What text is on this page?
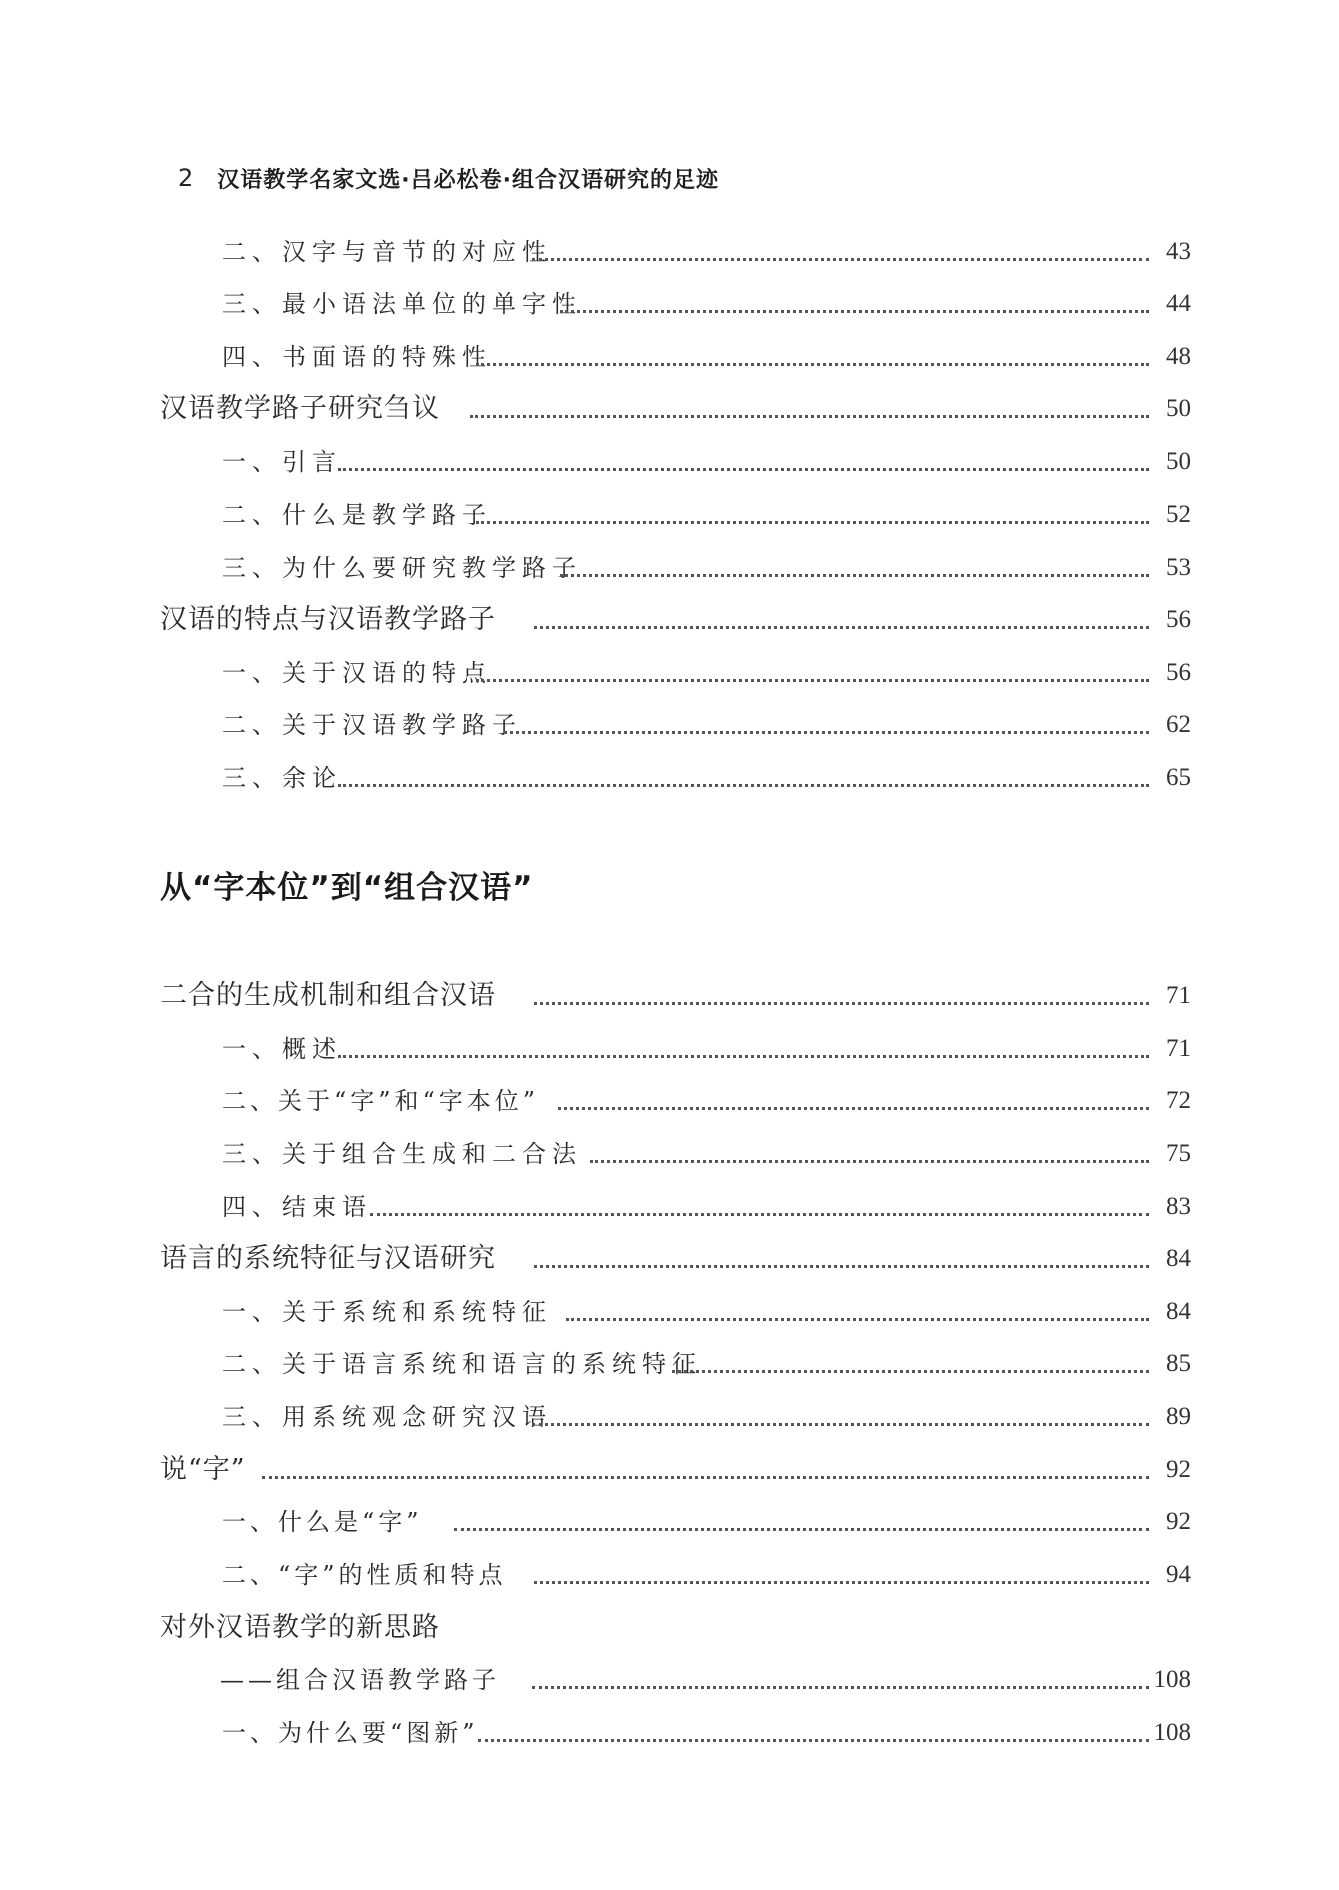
2 汉语教学名家文选·吕必松卷·组合汉语研究的足迹
二、汉字与音节的对应性	43
三、最小语法单位的单字性	44
四、书面语的特殊性	48
汉语教学路子研究刍议	50
一、引言	50
二、什么是教学路子	52
三、为什么要研究教学路子	53
汉语的特点与汉语教学路子	56
一、关于汉语的特点	56
二、关于汉语教学路子	62
三、余论	65
从“字本位”到“组合汉语”
二合的生成机制和组合汉语	71
一、概述	71
二、关于“字”和“字本位”	72
三、关于组合生成和二合法	75
四、结束语	83
语言的系统特征与汉语研究	84
一、关于系统和系统特征	84
二、关于语言系统和语言的系统特征	85
三、用系统观念研究汉语	89
说“字”	92
一、什么是“字”	92
二、“字”的性质和特点	94
对外汉语教学的新思路
——组合汉语教学路子	108
一、为什么要“图新”	108
